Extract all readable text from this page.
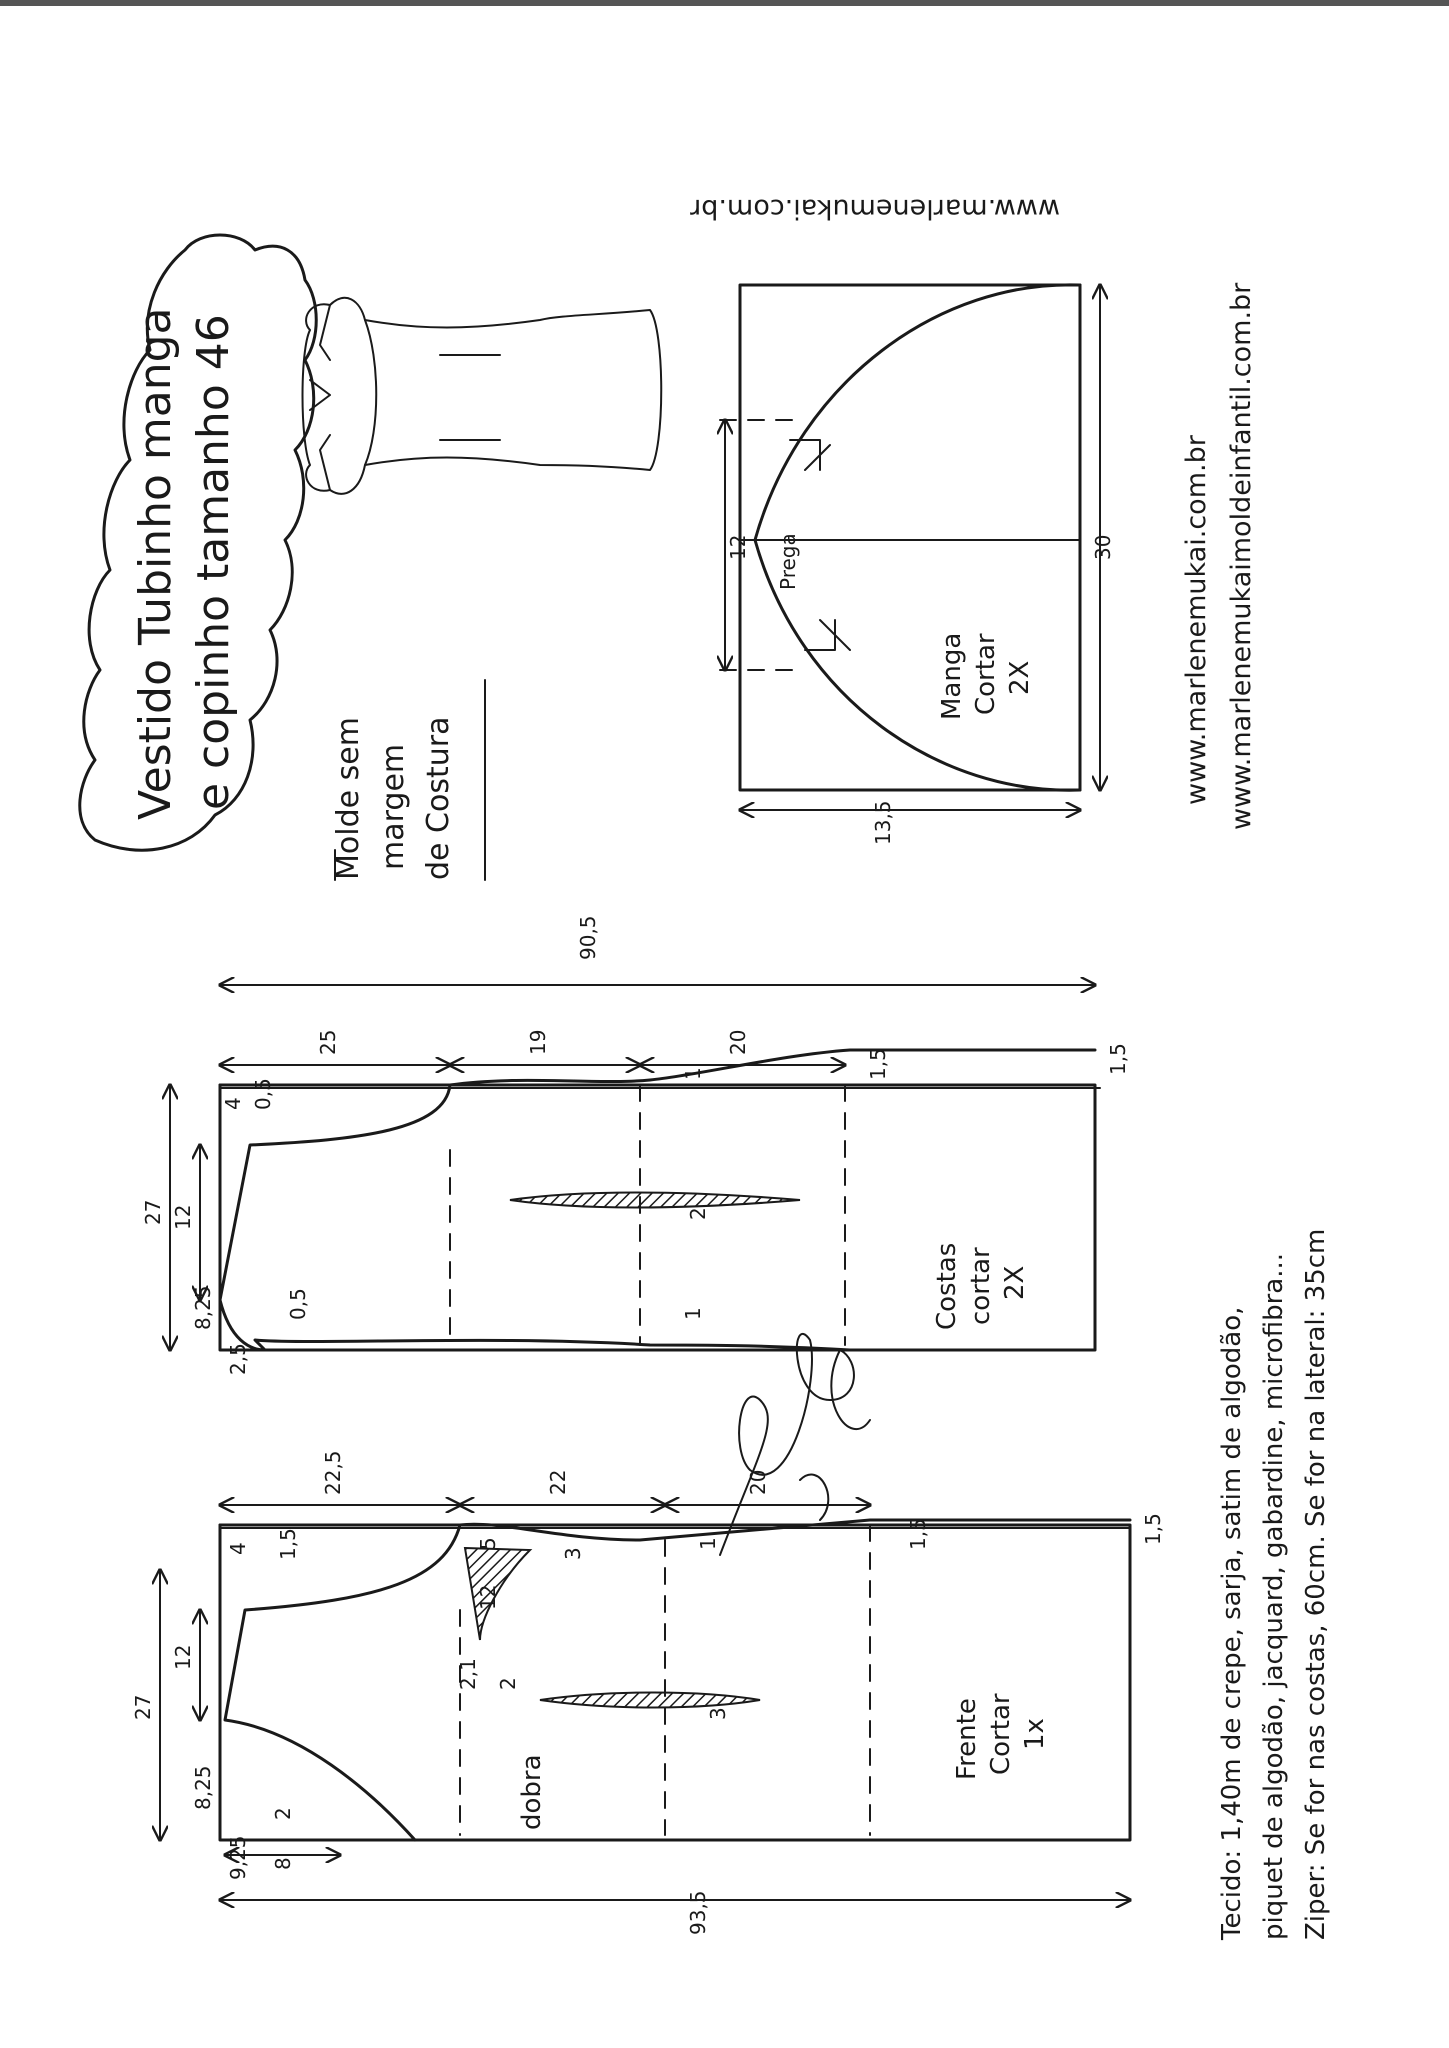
Vestido Tubinho manga e copinho tamanho 46	Molde sem margem de Costura
www.marlenemukai.com.br
12	30
13,5
Prega
Manga Cortar 2X	www.marlenemukai.com.br www.marlenemukaimoldeinfantil.com.br
90,5
25	19	20
27 12
8,25
4 0,5
0,5
2,5
1
2
1
1,5	1,5
Costas cortar 2X
93,5
22,5	22	20
27
12
8,25
4 1,5
9,25 8
2
5
12
2,1 2
3
3
1	1,5	1,5
dobra
Frente Cortar 1x	Tecido: 1,40m de crepe, sarja, satim de algodão, piquet de algodão, jacquard, gabardine, microfibra... Ziper: Se for nas costas, 60cm. Se for na lateral: 35cm
